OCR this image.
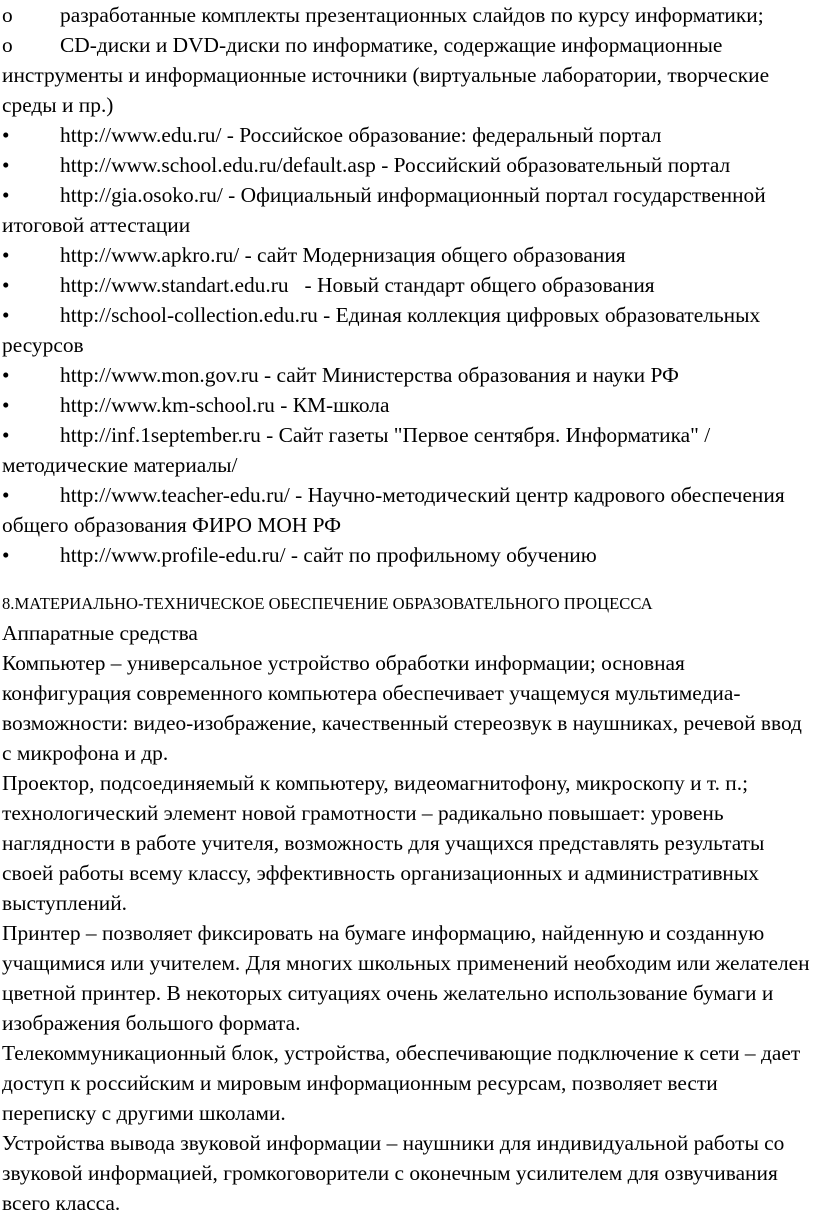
o разработанные комплекты презентационных слайдов по курсу информатики;

o CD-диски и DVD-диски по информатике, содержащие информационные инструменты и информационные источники (виртуальные лаборатории, творческие среды и пр.)

• http://www.edu.ru/ - Российское образование: федеральный портал

• http://www.school.edu.ru/default.asp - Российский образовательный портал

• http://gia.osoko.ru/ - Официальный информационный портал государственной итоговой аттестации

• http://www.apkro.ru/ - сайт Модернизация общего образования

• http://www.standart.edu.ru   - Новый стандарт общего образования

• http://school-collection.edu.ru - Единая коллекция цифровых образовательных ресурсов

• http://www.mon.gov.ru - сайт Министерства образования и науки РФ

• http://www.km-school.ru - КМ-школа

• http://inf.1september.ru - Сайт газеты "Первое сентября. Информатика" /методические материалы/

• http://www.teacher-edu.ru/ - Научно-методический центр кадрового обеспечения общего образования ФИРО МОН РФ

• http://www.profile-edu.ru/ - сайт по профильному обучению

8.МАТЕРИАЛЬНО-ТЕХНИЧЕСКОЕ ОБЕСПЕЧЕНИЕ ОБРАЗОВАТЕЛЬНОГО ПРОЦЕССА

Аппаратные средства

Компьютер – универсальное устройство обработки информации; основная конфигурация современного компьютера обеспечивает учащемуся мультимедиа-возможности: видео-изображение, качественный стереозвук в наушниках, речевой ввод с микрофона и др.

Проектор, подсоединяемый к компьютеру, видеомагнитофону, микроскопу и т. п.; технологический элемент новой грамотности – радикально повышает: уровень наглядности в работе учителя, возможность для учащихся представлять результаты своей работы всему классу, эффективность организационных и административных выступлений.

Принтер – позволяет фиксировать на бумаге информацию, найденную и созданную учащимися или учителем. Для многих школьных применений необходим или желателен цветной принтер. В некоторых ситуациях очень желательно использование бумаги и изображения большого формата.

Телекоммуникационный блок, устройства, обеспечивающие подключение к сети – дает доступ к российским и мировым информационным ресурсам, позволяет вести переписку с другими школами.

Устройства вывода звуковой информации – наушники для индивидуальной работы со звуковой информацией, громкоговорители с оконечным усилителем для озвучивания всего класса.
